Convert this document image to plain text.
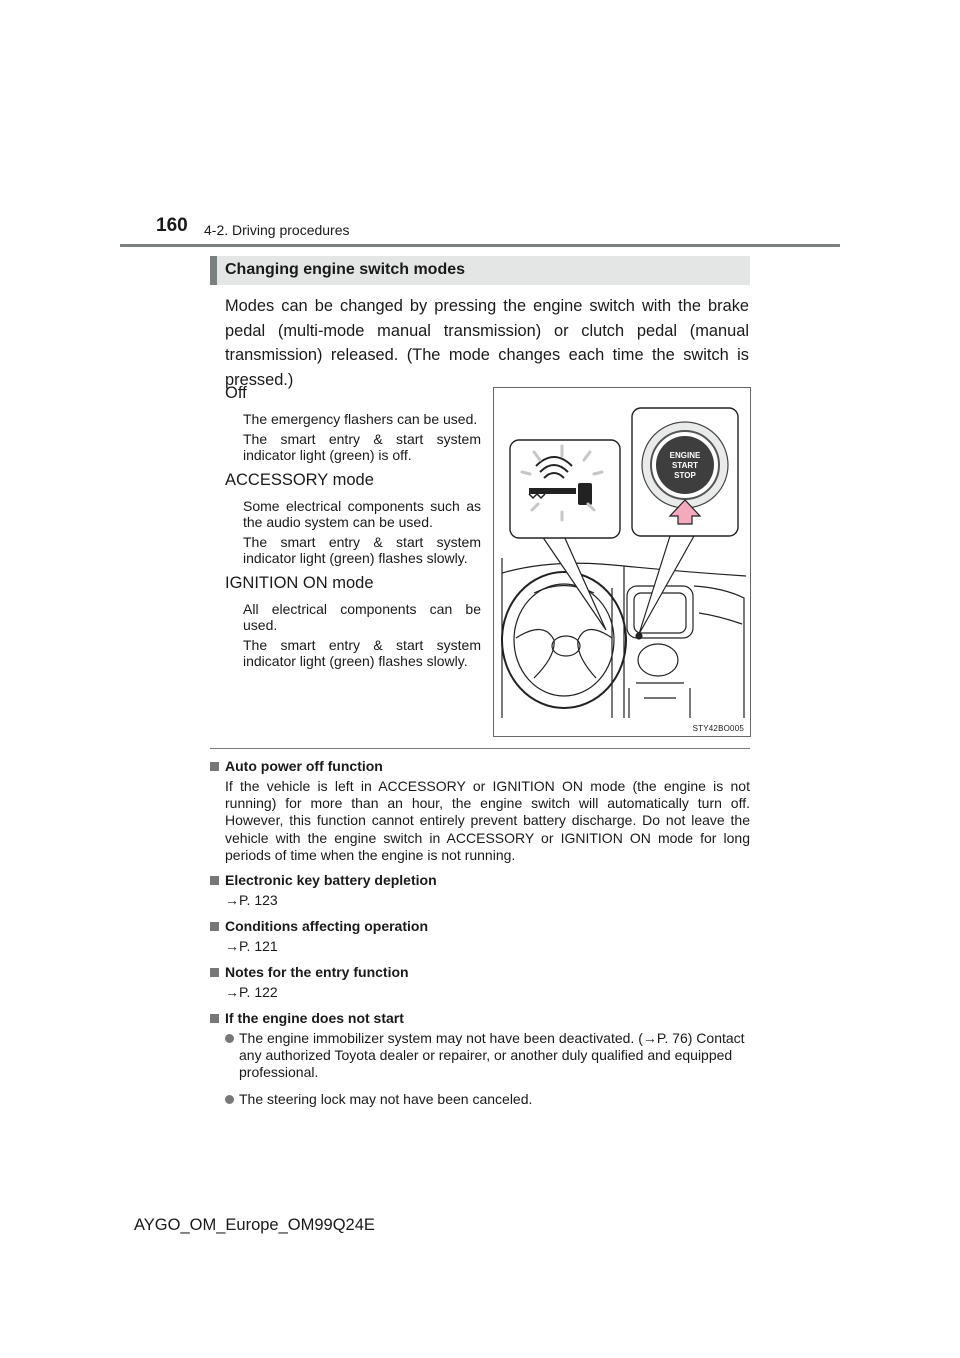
160 4-2. Driving procedures
Changing engine switch modes
Modes can be changed by pressing the engine switch with the brake pedal (multi-mode manual transmission) or clutch pedal (manual transmission) released. (The mode changes each time the switch is pressed.)
Off
The emergency flashers can be used.
The smart entry & start system indicator light (green) is off.
ACCESSORY mode
Some electrical components such as the audio system can be used.
The smart entry & start system indicator light (green) flashes slowly.
IGNITION ON mode
All electrical components can be used.
The smart entry & start system indicator light (green) flashes slowly.
ENGINE
START
STOP
STY42BO005
Auto power off function
If the vehicle is left in ACCESSORY or IGNITION ON mode (the engine is not running) for more than an hour, the engine switch will automatically turn off. However, this function cannot entirely prevent battery discharge. Do not leave the vehicle with the engine switch in ACCESSORY or IGNITION ON mode for long periods of time when the engine is not running.
Electronic key battery depletion
→P. 123
Conditions affecting operation
→P. 121
Notes for the entry function
→P. 122
If the engine does not start
The engine immobilizer system may not have been deactivated. (→P. 76) Contact any authorized Toyota dealer or repairer, or another duly qualified and equipped professional.
The steering lock may not have been canceled.
AYGO_OM_Europe_OM99Q24E
